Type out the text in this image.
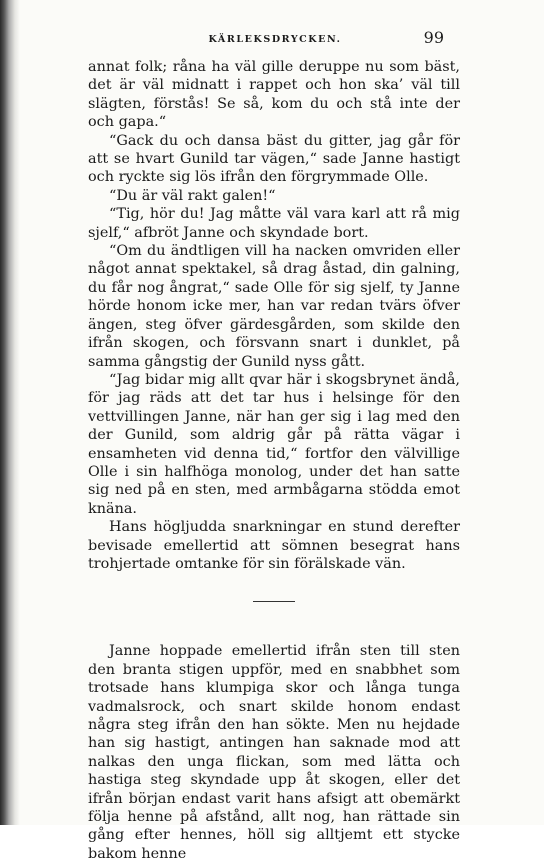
KÄRLEKSDRYCKEN.	99

annat folk; råna ha väl gille deruppe nu som bäst, det är väl midnatt i rappet och hon ska’ väl till slägten, förstås! Se så, kom du och stå inte der och gapa.“

“Gack du och dansa bäst du gitter, jag går för att se hvart Gunild tar vägen,“ sade Janne hastigt och ryckte sig lös ifrån den förgrymmade Olle.

“Du är väl rakt galen!“

“Tig, hör du! Jag måtte väl vara karl att rå mig sjelf,“ afbröt Janne och skyndade bort.

“Om du ändtligen vill ha nacken omvriden eller något annat spektakel, så drag åstad, din galning, du får nog ångrat,“ sade Olle för sig sjelf, ty Janne hörde honom icke mer, han var redan tvärs öfver ängen, steg öfver gärdesgården, som skilde den ifrån skogen, och försvann snart i dunklet, på samma gångstig der Gunild nyss gått.

“Jag bidar mig allt qvar här i skogsbrynet ändå, för jag räds att det tar hus i helsinge för den vettvillingen Janne, när han ger sig i lag med den der Gunild, som aldrig går på rätta vägar i ensamheten vid denna tid,“ fortfor den välvillige Olle i sin halfhöga monolog, under det han satte sig ned på en sten, med armbågarna stödda emot knäna.

Hans högljudda snarkningar en stund derefter bevisade emellertid att sömnen besegrat hans trohjertade omtanke för sin förälskade vän.

Janne hoppade emellertid ifrån sten till sten den branta stigen uppför, med en snabbhet som trotsade hans klumpiga skor och långa tunga vadmalsrock, och snart skilde honom endast några steg ifrån den han sökte. Men nu hejdade han sig hastigt, antingen han saknade mod att nalkas den unga flickan, som med lätta och hastiga steg skyndade upp åt skogen, eller det ifrån början endast varit hans afsigt att obemärkt följa henne på afstånd, allt nog, han rättade sin gång efter hennes, höll sig alltjemt ett stycke bakom henne
